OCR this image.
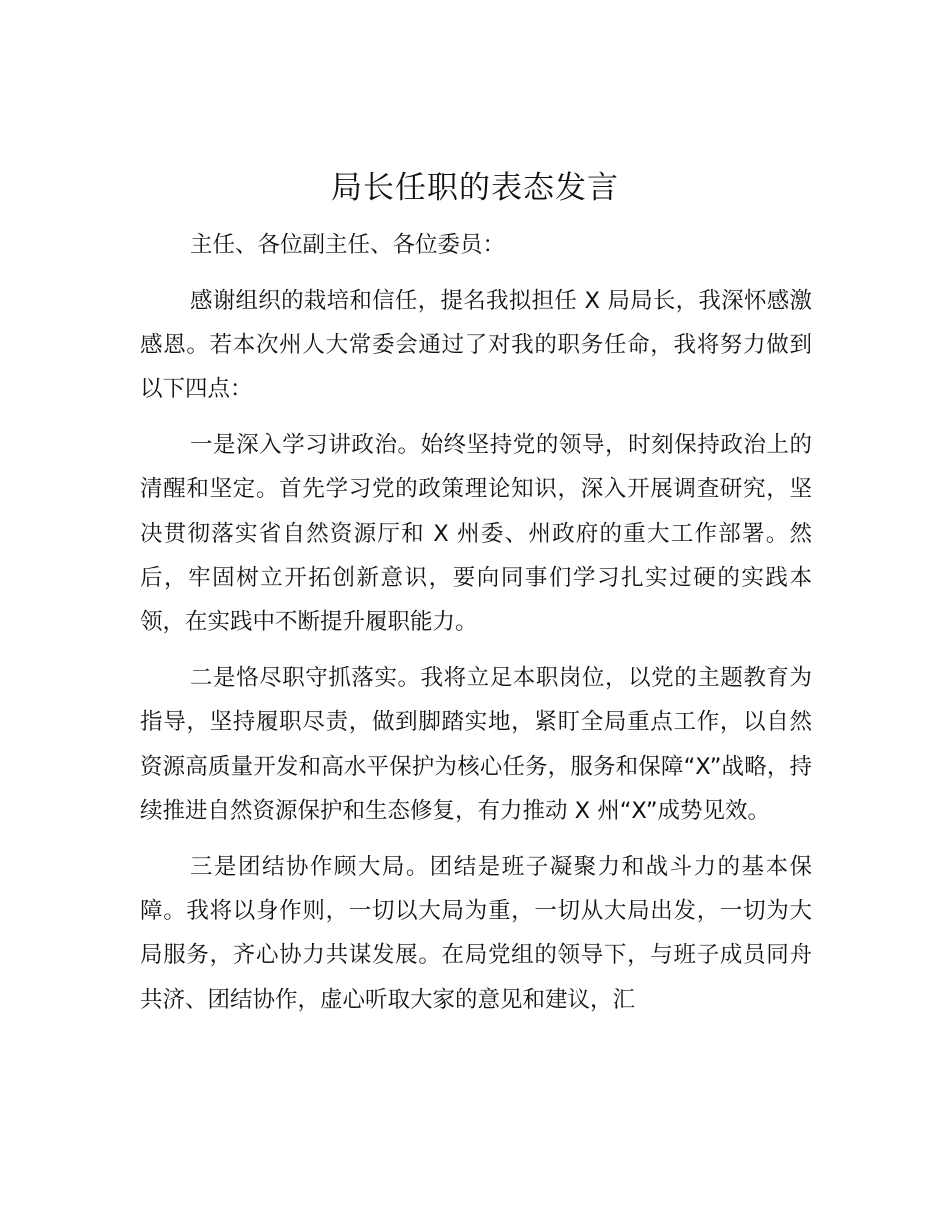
局长任职的表态发言

主任、各位副主任、各位委员：

感谢组织的栽培和信任，提名我拟担任 X 局局长，我深怀感激感恩。若本次州人大常委会通过了对我的职务任命，我将努力做到以下四点：

一是深入学习讲政治。始终坚持党的领导，时刻保持政治上的清醒和坚定。首先学习党的政策理论知识，深入开展调查研究，坚决贯彻落实省自然资源厅和 X 州委、州政府的重大工作部署。然后，牢固树立开拓创新意识，要向同事们学习扎实过硬的实践本领，在实践中不断提升履职能力。

二是恪尽职守抓落实。我将立足本职岗位，以党的主题教育为指导，坚持履职尽责，做到脚踏实地，紧盯全局重点工作，以自然资源高质量开发和高水平保护为核心任务，服务和保障“X”战略，持续推进自然资源保护和生态修复，有力推动 X 州“X”成势见效。

三是团结协作顾大局。团结是班子凝聚力和战斗力的基本保障。我将以身作则，一切以大局为重，一切从大局出发，一切为大局服务，齐心协力共谋发展。在局党组的领导下，与班子成员同舟共济、团结协作，虚心听取大家的意见和建议，汇
